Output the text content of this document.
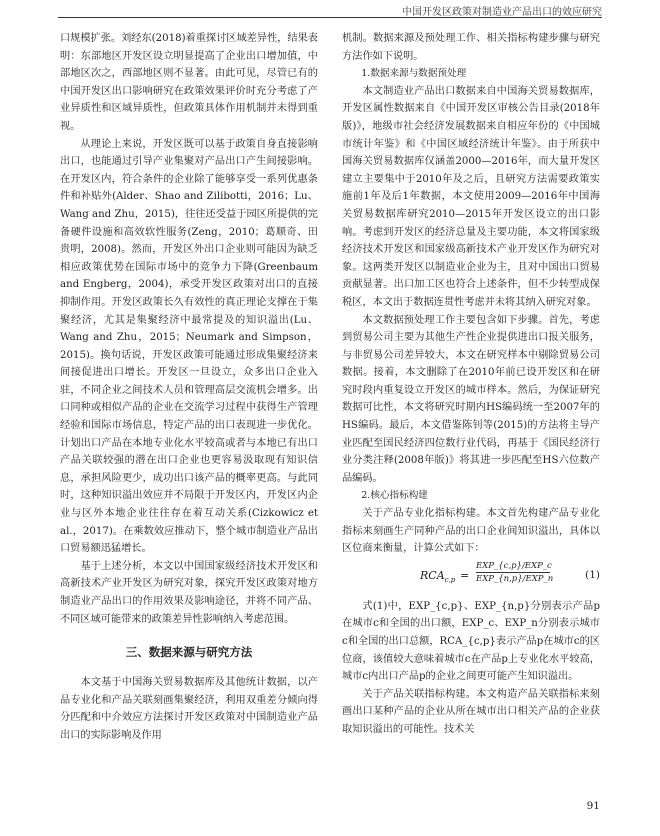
中国开发区政策对制造业产品出口的效应研究

口规模扩张。刘经东(2018)着重探讨区域差异性，结果表明：东部地区开发区设立明显提高了企业出口增加值，中部地区次之，西部地区则不显著。由此可见，尽管已有的中国开发区出口影响研究在政策效果评价时充分考虑了产业异质性和区域异质性，但政策具体作用机制并未得到重视。

从理论上来说，开发区既可以基于政策自身直接影响出口，也能通过引导产业集聚对产品出口产生间接影响。在开发区内，符合条件的企业除了能够享受一系列优惠条件和补贴外(Alder、Shao and Zilibotti，2016；Lu、Wang and Zhu，2015)，往往还受益于园区所提供的完备硬件设施和高效软性服务(Zeng，2010；葛顺奇、田贵明，2008)。然而，开发区外出口企业则可能因为缺乏相应政策优势在国际市场中的竞争力下降(Greenbaum and Engberg，2004)，承受开发区政策对出口的直接抑制作用。开发区政策长久有效性的真正理论支撑在于集聚经济，尤其是集聚经济中最常提及的知识溢出(Lu、Wang and Zhu，2015；Neumark and Simpson，2015)。换句话说，开发区政策可能通过形成集聚经济来间接促进出口增长。开发区一旦设立，众多出口企业入驻，不同企业之间技术人员和管理高层交流机会增多。出口同种或相似产品的企业在交流学习过程中获得生产管理经验和国际市场信息，特定产品的出口表现进一步优化。计划出口产品在本地专业化水平较高或者与本地已有出口产品关联较强的潜在出口企业也更容易汲取现有知识信息，承担风险更少，成功出口该产品的概率更高。与此同时，这种知识溢出效应并不局限于开发区内，开发区内企业与区外本地企业往往存在着互动关系(Cizkowicz et al.，2017)。在乘数效应推动下，整个城市制造业产品出口贸易额迅猛增长。

基于上述分析，本文以中国国家级经济技术开发区和高新技术产业开发区为研究对象，探究开发区政策对地方制造业产品出口的作用效果及影响途径，并将不同产品、不同区域可能带来的政策差异性影响纳入考虑范围。

三、数据来源与研究方法

本文基于中国海关贸易数据库及其他统计数据，以产品专业化和产品关联刻画集聚经济，利用双重差分倾向得分匹配和中介效应方法探讨开发区政策对中国制造业产品出口的实际影响及作用

机制。数据来源及预处理工作、相关指标构建步骤与研究方法作如下说明。

1.数据来源与数据预处理

本文制造业产品出口数据来自中国海关贸易数据库，开发区属性数据来自《中国开发区审核公告目录(2018年版)》，地级市社会经济发展数据来自相应年份的《中国城市统计年鉴》和《中国区域经济统计年鉴》。由于所获中国海关贸易数据库仅涵盖2000—2016年，而大量开发区建立主要集中于2010年及之后，且研究方法需要政策实施前1年及后1年数据，本文使用2009—2016年中国海关贸易数据库研究2010—2015年开发区设立的出口影响。考虑到开发区的经济总量及主要功能，本文将国家级经济技术开发区和国家级高新技术产业开发区作为研究对象。这两类开发区以制造业企业为主，且对中国出口贸易贡献显著。出口加工区也符合上述条件，但不少转型成保税区，本文出于数据连贯性考虑并未将其纳入研究对象。

本文数据预处理工作主要包含如下步骤。首先，考虑到贸易公司主要为其他生产性企业提供进出口报关服务，与非贸易公司差异较大，本文在研究样本中剔除贸易公司数据。接着，本文删除了在2010年前已设开发区和在研究时段内重复设立开发区的城市样本。然后，为保证研究数据可比性，本文将研究时期内HS编码统一至2007年的HS编码。最后，本文借鉴陈钊等(2015)的方法将主导产业匹配至国民经济四位数行业代码，再基于《国民经济行业分类注释(2008年版)》将其进一步匹配至HS六位数产品编码。

2.核心指标构建

关于产品专业化指标构建。本文首先构建产品专业化指标来刻画生产同种产品的出口企业间知识溢出，具体以区位商来衡量，计算公式如下：

$RCA_{c,p}$ =
EXP_{c,p}/EXP_c
EXP_{n,p}/EXP_n	(1)

式(1)中，EXP_{c,p}、EXP_{n,p}分别表示产品p在城市c和全国的出口额，EXP_c、EXP_n分别表示城市c和全国的出口总额，RCA_{c,p}表示产品p在城市c的区位商，该值较大意味着城市c在产品p上专业化水平较高，城市c内出口产品p的企业之间更可能产生知识溢出。

关于产品关联指标构建。本文构造产品关联指标来刻画出口某种产品的企业从所在城市出口相关产品的企业获取知识溢出的可能性。技术关

91
